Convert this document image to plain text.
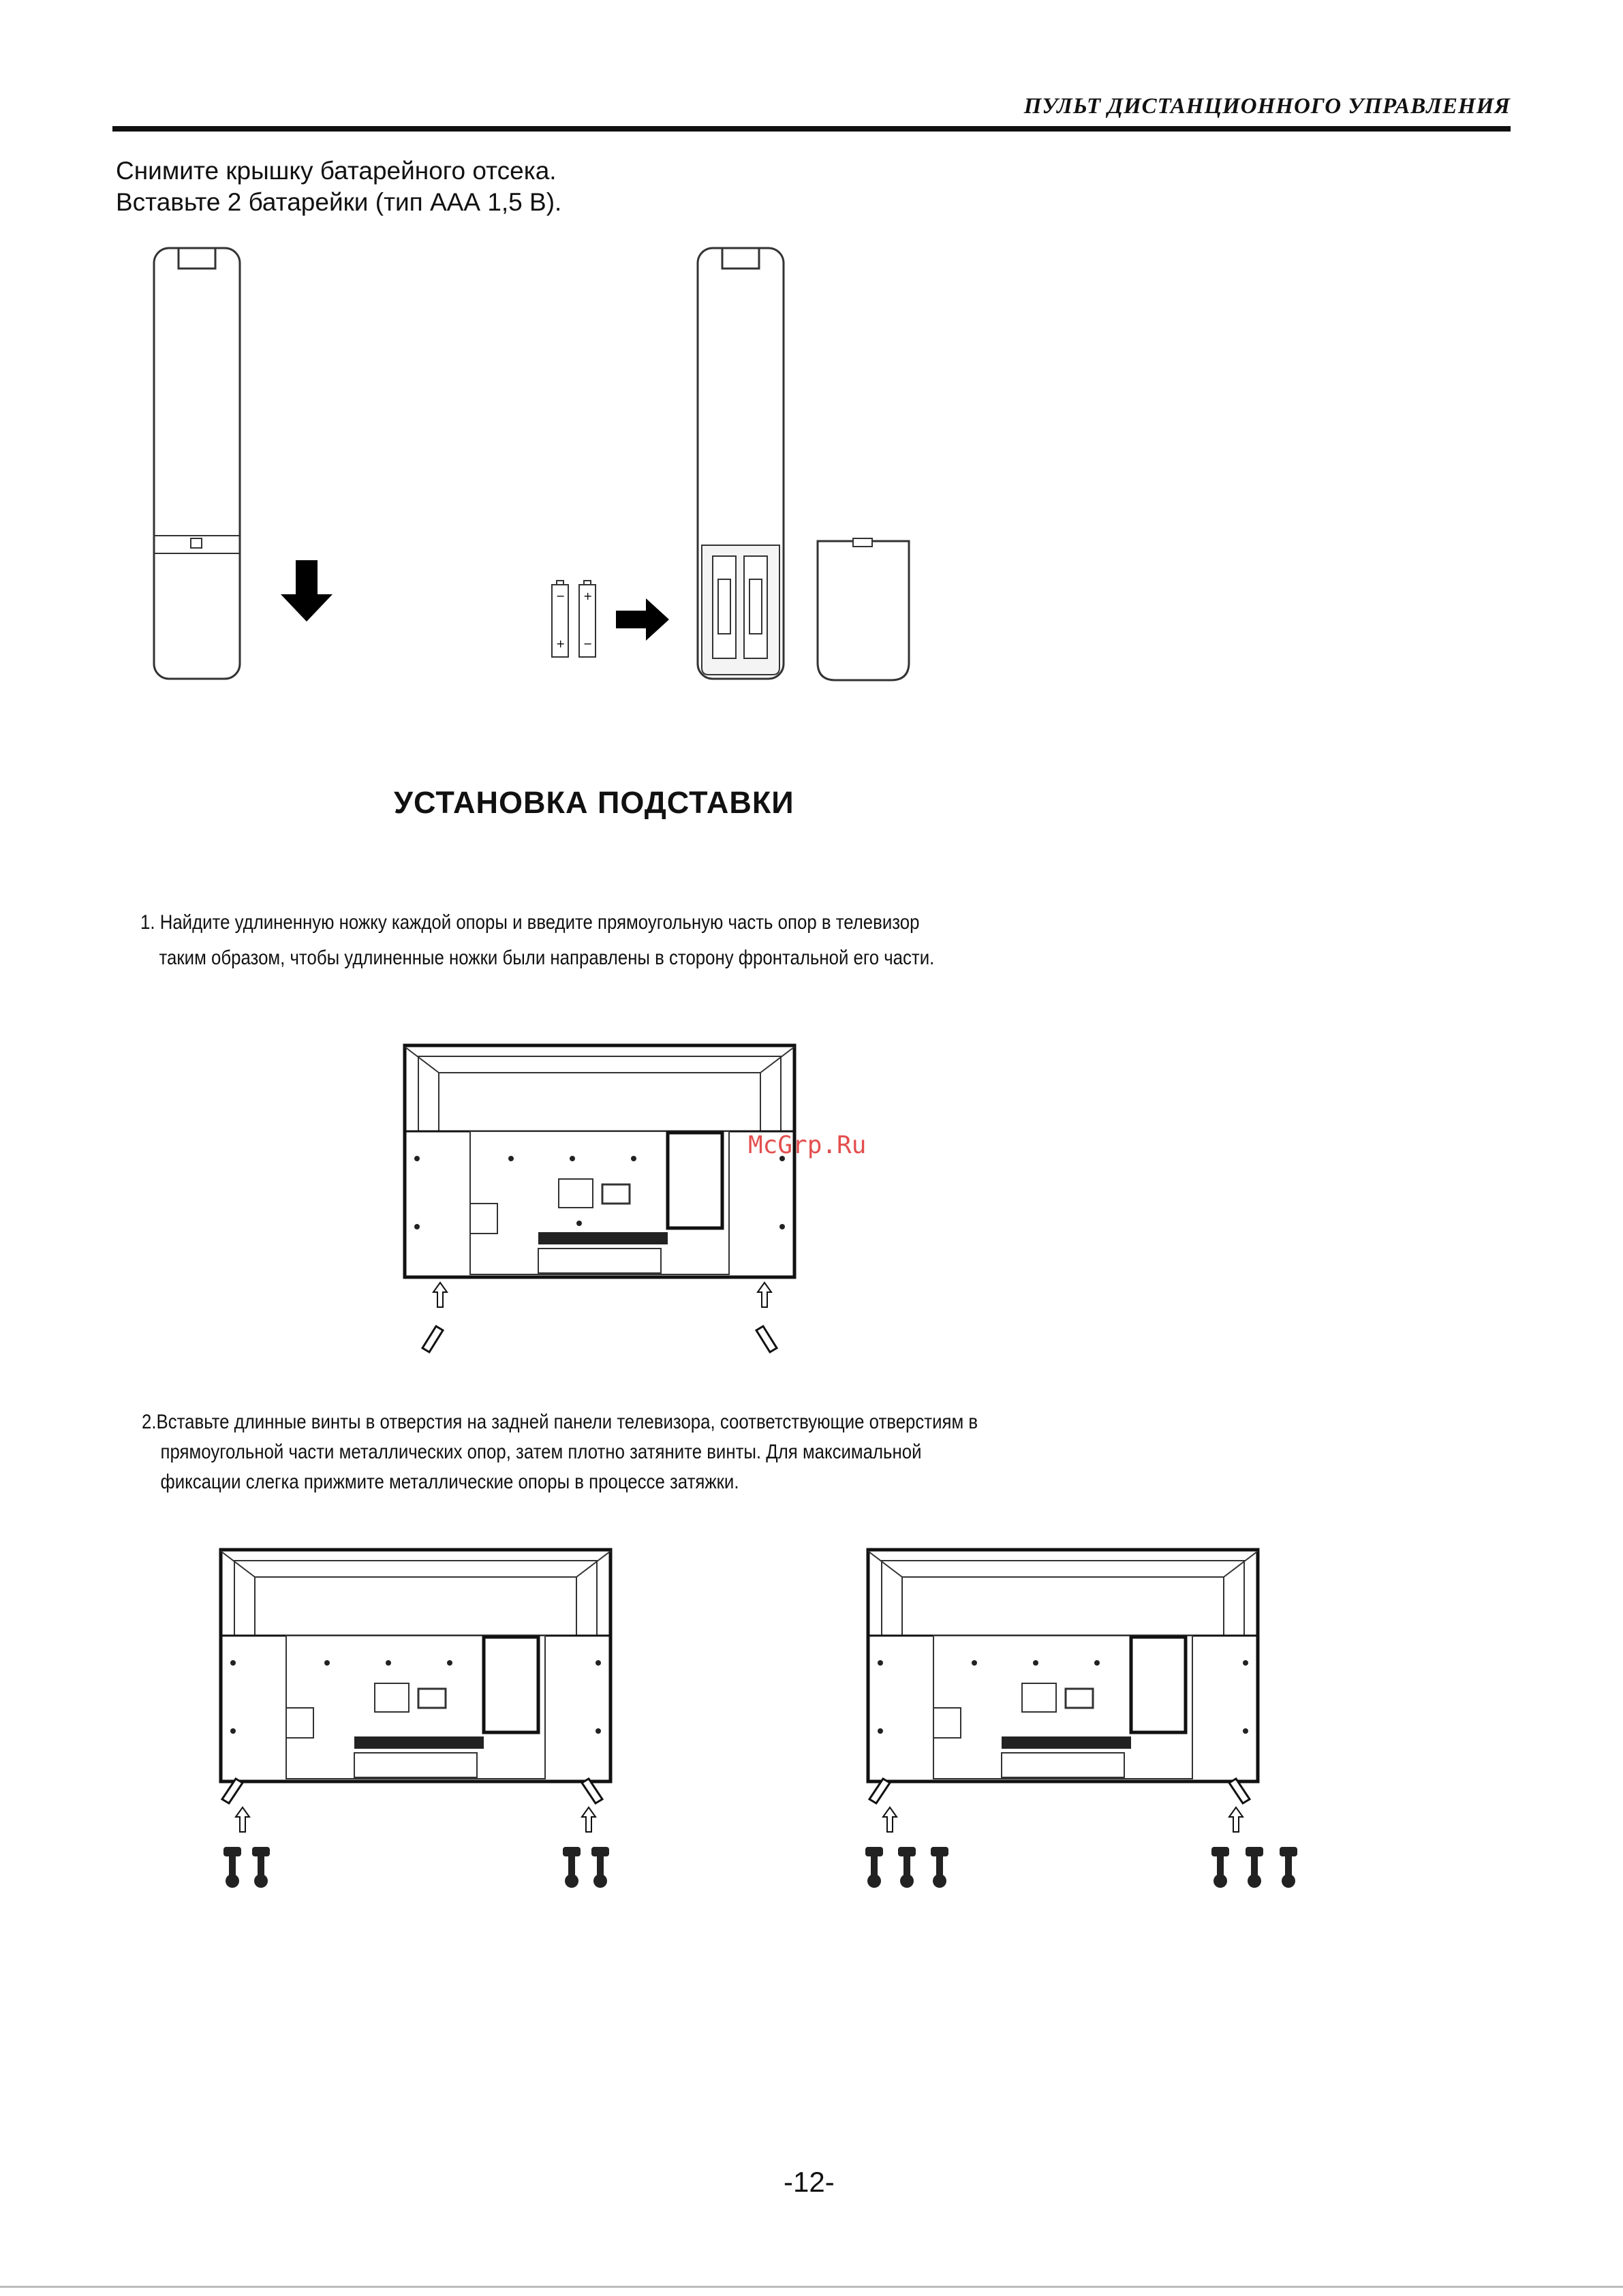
ПУЛЬТ ДИСТАНЦИОННОГО УПРАВЛЕНИЯ
Снимите крышку батарейного отсека.
Вставьте 2 батарейки (тип ААА 1,5 В).
−
+
+
−
УСТАНОВКА ПОДСТАВКИ
1. Найдите удлиненную ножку каждой опоры и введите прямоугольную часть опор в телевизор
таким образом, чтобы удлиненные ножки были направлены в сторону фронтальной его части.
McGrp.Ru
2.Вставьте длинные винты в отверстия на задней панели телевизора, соответствующие отверстиям в
прямоугольной части металлических опор, затем плотно затяните винты. Для максимальной
фиксации слегка прижмите металлические опоры в процессе затяжки.
-12-
